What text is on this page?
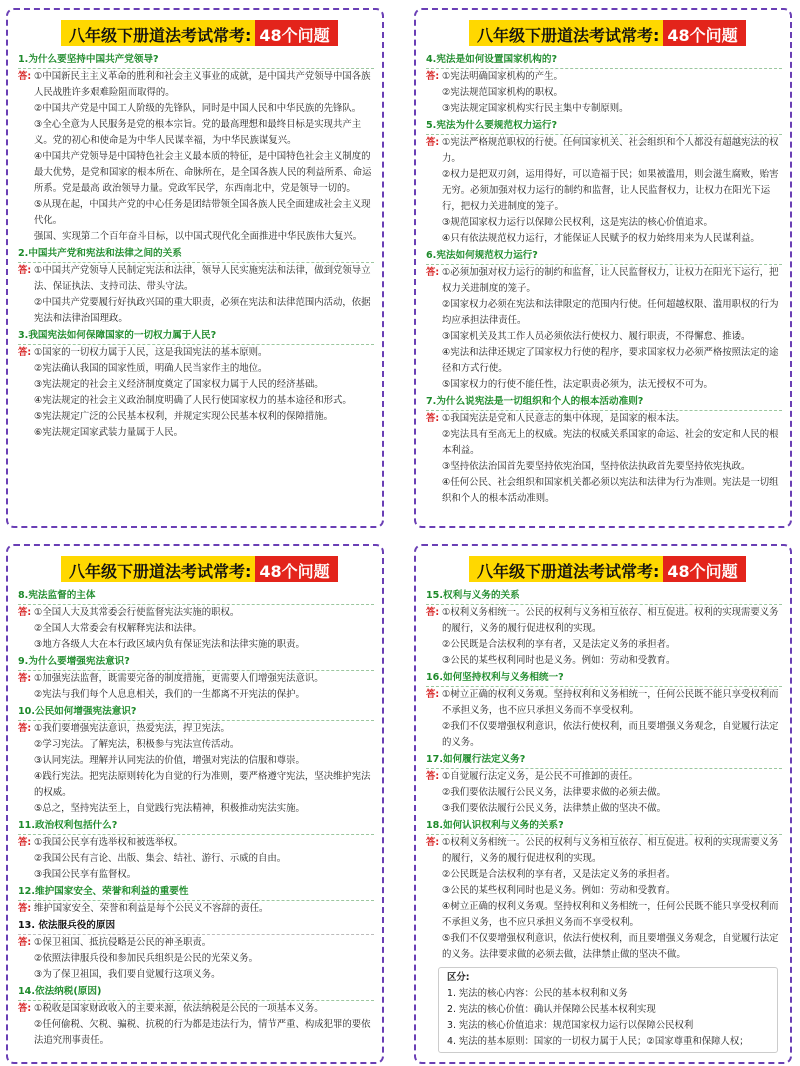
八年级下册道法考试常考: 48个问题
1.为什么要坚持中国共产党领导?
答: ①中国新民主主义革命的胜利和社会主义事业的成就，是中国共产党领导中国各族人民战胜许多艰难险阻而取得的。
②中国共产党是中国工人阶级的先锋队，同时是中国人民和中华民族的先锋队。
③全心全意为人民服务是党的根本宗旨。党的最高理想和最终目标是实现共产主义。党的初心和使命是为中华人民谋幸福，为中华民族谋复兴。
④中国共产党领导是中国特色社会主义最本质的特征，是中国特色社会主义制度的最大优势，是党和国家的根本所在、命脉所在，是全国各族人民的利益所系、命运所系。党是最高 政治领导力量。党政军民学，东西南北中，党是领导一切的。
⑤从现在起，中国共产党的中心任务是团结带领全国各族人民全面建成社会主义现代化。
强国、实现第二个百年奋斗目标，以中国式现代化全面推进中华民族伟大复兴。
2.中国共产党和宪法和法律之间的关系
答: ①中国共产党领导人民制定宪法和法律，领导人民实施宪法和法律，做到党领导立法、保证执法、支持司法、带头守法。
②中国共产党要履行好执政兴国的重大职责，必须在宪法和法律范围内活动，依据宪法和法律治国理政。
3.我国宪法如何保障国家的一切权力属于人民?
答: ①国家的一切权力属于人民，这是我国宪法的基本原则。
②宪法确认我国的国家性质，明确人民当家作主的地位。
③宪法规定的社会主义经济制度奠定了国家权力属于人民的经济基础。
④宪法规定的社会主义政治制度明确了人民行使国家权力的基本途径和形式。
⑤宪法规定广泛的公民基本权利，并规定实现公民基本权利的保障措施。
⑥宪法规定国家武装力量属于人民。
八年级下册道法考试常考: 48个问题
4.宪法是如何设置国家机构的?
答: ①宪法明确国家机构的产生。
②宪法规范国家机构的职权。
③宪法规定国家机构实行民主集中专制原则。
5.宪法为什么要规范权力运行?
答: ①宪法严格规范职权的行使。任何国家机关、社会组织和个人都没有超越宪法的权力。
②权力是把双刃剑，运用得好，可以造福于民；如果被滥用，则会滋生腐败，贻害无穷。必须加强对权力运行的制约和监督，让人民监督权力，让权力在阳光下运行，把权力关进制度的笼子。
③规范国家权力运行以保障公民权利，这是宪法的核心价值追求。
④只有依法规范权力运行，才能保证人民赋予的权力始终用来为人民谋利益。
6.宪法如何规范权力运行?
答: ①必须加强对权力运行的制约和监督，让人民监督权力，让权力在阳光下运行，把权力关进制度的笼子。
②国家权力必须在宪法和法律限定的范围内行使。任何超越权限、滥用职权的行为均应承担法律责任。
③国家机关及其工作人员必须依法行使权力、履行职责，不得懈怠、推诿。
④宪法和法律还规定了国家权力行使的程序，要求国家权力必须严格按照法定的途径和方式行使。
⑤国家权力的行使不能任性，法定职责必须为，法无授权不可为。
7.为什么说宪法是一切组织和个人的根本活动准则?
答: ①我国宪法是党和人民意志的集中体现，是国家的根本法。
②宪法具有至高无上的权威。宪法的权威关系国家的命运、社会的安定和人民的根本利益。
③坚持依法治国首先要坚持依宪治国，坚持依法执政首先要坚持依宪执政。
④任何公民、社会组织和国家机关都必须以宪法和法律为行为准则。宪法是一切组织和个人的根本活动准则。
八年级下册道法考试常考: 48个问题
8.宪法监督的主体
答: ①全国人大及其常委会行使监督宪法实施的职权。
②全国人大常委会有权解释宪法和法律。
③地方各级人大在本行政区域内负有保证宪法和法律实施的职责。
9.为什么要增强宪法意识?
答: ①加强宪法监督，既需要完备的制度措施，更需要人们增强宪法意识。
②宪法与我们每个人息息相关，我们的一生都离不开宪法的保护。
10.公民如何增强宪法意识?
答: ①我们要增强宪法意识，热爱宪法，捍卫宪法。
②学习宪法。了解宪法，积极参与宪法宣传活动。
③认同宪法。理解并认同宪法的价值，增强对宪法的信服和尊崇。
④践行宪法。把宪法原则转化为自觉的行为准则，要严格遵守宪法，坚决维护宪法的权威。
⑤总之，坚持宪法至上，自觉践行宪法精神，积极推动宪法实施。
11.政治权利包括什么?
答: ①我国公民享有选举权和被选举权。
②我国公民有言论、出版、集会、结社、游行、示威的自由。
③我国公民享有监督权。
12.维护国家安全、荣誉和利益的重要性
答: 维护国家安全、荣誉和利益是每个公民义不容辞的责任。
13. 依法服兵役的原因
答: ①保卫祖国、抵抗侵略是公民的神圣职责。
②依照法律服兵役和参加民兵组织是公民的光荣义务。
③为了保卫祖国，我们要自觉履行这项义务。
14.依法纳税(原因)
答: ①税收是国家财政收入的主要来源，依法纳税是公民的一项基本义务。
②任何偷税、欠税、骗税、抗税的行为都是违法行为，情节严重、构成犯罪的要依法追究刑事责任。
八年级下册道法考试常考: 48个问题
15.权利与义务的关系
答: ①权利义务相统一。公民的权利与义务相互依存、相互促进。权利的实现需要义务的履行，义务的履行促进权利的实现。
②公民既是合法权利的享有者，又是法定义务的承担者。
③公民的某些权利同时也是义务。例如：劳动和受教育。
16.如何坚持权利与义务相统一?
答: ①树立正确的权利义务观。坚持权利和义务相统一，任何公民既不能只享受权利而不承担义务，也不应只承担义务而不享受权利。
②我们不仅要增强权利意识，依法行使权利，而且要增强义务观念，自觉履行法定的义务。
17.如何履行法定义务?
答: ①自觉履行法定义务，是公民不可推卸的责任。
②我们要依法履行公民义务，法律要求做的必须去做。
③我们要依法履行公民义务，法律禁止做的坚决不做。
18.如何认识权利与义务的关系?
答: ①权利义务相统一。公民的权利与义务相互依存、相互促进。权利的实现需要义务的履行，义务的履行促进权利的实现。
②公民既是合法权利的享有者，又是法定义务的承担者。
③公民的某些权利同时也是义务。例如：劳动和受教育。
④树立正确的权利义务观。坚持权利和义务相统一，任何公民既不能只享受权利而不承担义务，也不应只承担义务而不享受权利。
⑤我们不仅要增强权利意识，依法行使权利，而且要增强义务观念，自觉履行法定的义务。法律要求做的必须去做，法律禁止做的坚决不做。
区分:
1. 宪法的核心内容：公民的基本权利和义务
2. 宪法的核心价值：确认并保障公民基本权利实现
3. 宪法的核心价值追求：规范国家权力运行以保障公民权利
4. 宪法的基本原则：国家的一切权力属于人民；②国家尊重和保障人权；
